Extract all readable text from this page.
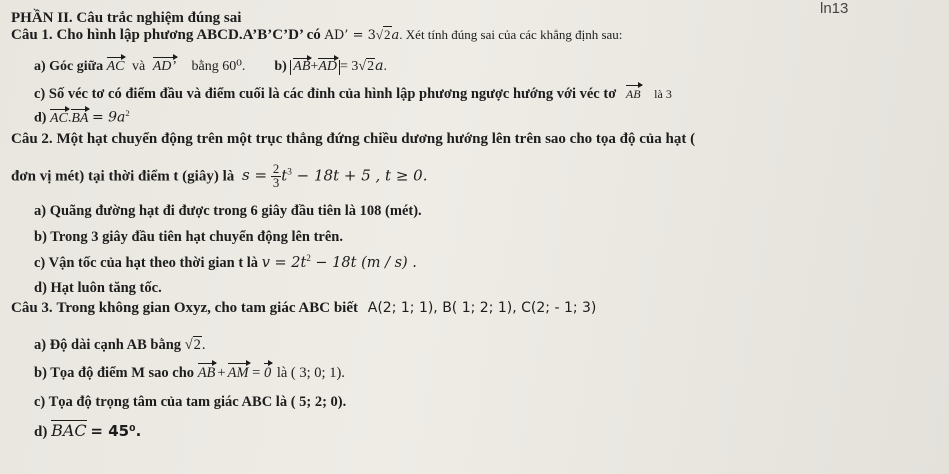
ln13
PHẦN II. Câu trắc nghiệm đúng sai
Câu 1. Cho hình lập phương ABCD.A’B’C’D’ có AD’ = 3√2a. Xét tính đúng sai của các khẳng định sau:
a) Góc giữa AC và AD’ bằng 60⁰. b) AB+AD = 3√2a.
c) Số véc tơ có điểm đầu và điểm cuối là các đỉnh của hình lập phương ngược hướng với véc tơ AB là 3
d) $AC.BA = 9a^2$
Câu 2. Một hạt chuyển động trên một trục thẳng đứng chiều dương hướng lên trên sao cho tọa độ của hạt (
đơn vị mét) tại thời điểm t (giây) là $s = \frac{2}{3} t^3 - 18t + 5$ , t ≥ 0.
a) Quãng đường hạt đi được trong 6 giây đầu tiên là 108 (mét).
b) Trong 3 giây đầu tiên hạt chuyển động lên trên.
c) Vận tốc của hạt theo thời gian t là $v = 2t^2 - 18t$ (m / s) .
d) Hạt luôn tăng tốc.
Câu 3. Trong không gian Oxyz, cho tam giác ABC biết A(2; 1; 1), B( 1; 2; 1), C(2; - 1; 3)
a) Độ dài cạnh AB bằng √2.
b) Tọa độ điểm M sao cho AB + AM = 0 là ( 3; 0; 1).
c) Tọa độ trọng tâm của tam giác ABC là ( 5; 2; 0).
d) BAC = 45⁰.
